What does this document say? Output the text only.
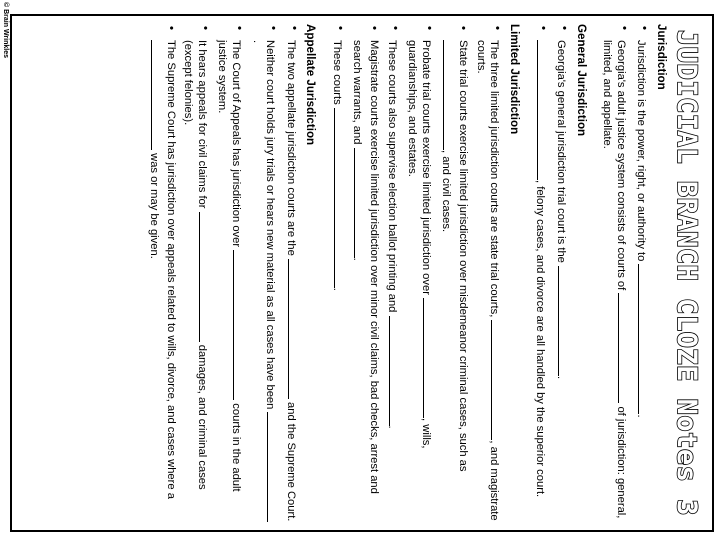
JUDICIAL BRANCH CLOZE Notes 3
© Brain Wrinkles	Jurisdiction
• Jurisdiction is the power, right, or authority to .
• Georgia's adult justice system consists of courts of  of jurisdiction: general, limited, and appellate.
General Jurisdiction
• Georgia's general jurisdiction trial court is the .
• , felony cases, and divorce are all handled by the superior court.
Limited Jurisdiction
• The three limited jurisdiction courts are state trial courts, , and magistrate courts.
• State trial courts exercise limited jurisdiction over misdemeanor criminal cases, such as , and civil cases.
• Probate trial courts exercise limited jurisdiction over , wills, guardianships, and estates.
• These courts also supervise election ballot printing and .
• Magistrate courts exercise limited jurisdiction over minor civil claims, bad checks, arrest and search warrants, and .
• These courts .
Appellate Jurisdiction
• The two appellate jurisdiction courts are the  and the Supreme Court.
• Neither court holds jury trials or hears new material as all cases have been .
• The Court of Appeals has jurisdiction over  courts in the adult justice system.
• It hears appeals for civil claims for  damages, and criminal cases (except felonies).
• The Supreme Court has jurisdiction over appeals related to wills, divorce, and cases where a  was or may be given.
